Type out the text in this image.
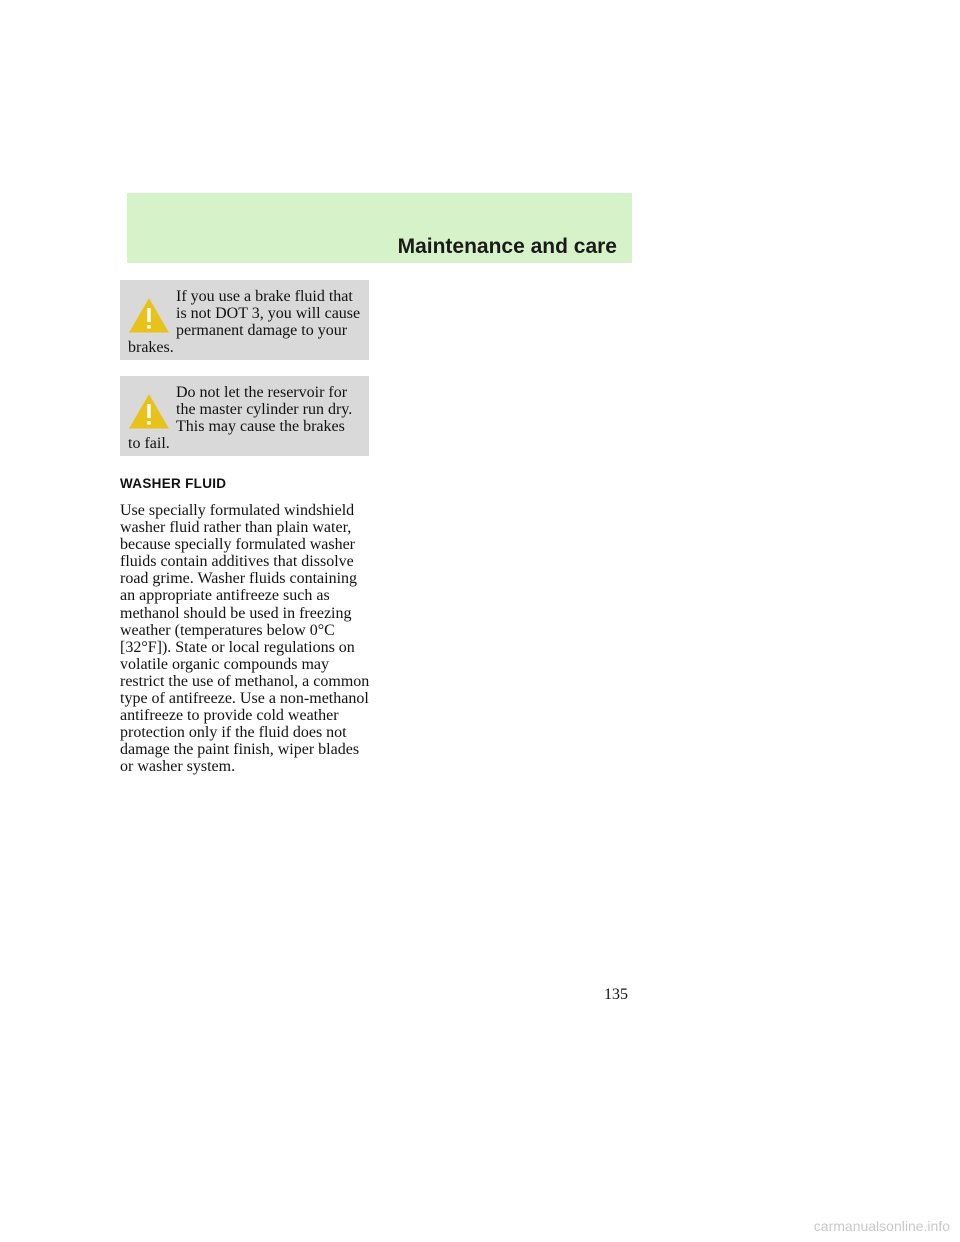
Maintenance and care

If you use a brake fluid that is not DOT 3, you will cause permanent damage to your brakes.

Do not let the reservoir for the master cylinder run dry. This may cause the brakes to fail.

WASHER FLUID

Use specially formulated windshield washer fluid rather than plain water, because specially formulated washer fluids contain additives that dissolve road grime. Washer fluids containing an appropriate antifreeze such as methanol should be used in freezing weather (temperatures below 0°C [32°F]). State or local regulations on volatile organic compounds may restrict the use of methanol, a common type of antifreeze. Use a non-methanol antifreeze to provide cold weather protection only if the fluid does not damage the paint finish, wiper blades or washer system.

135
carmanualsonline.info
